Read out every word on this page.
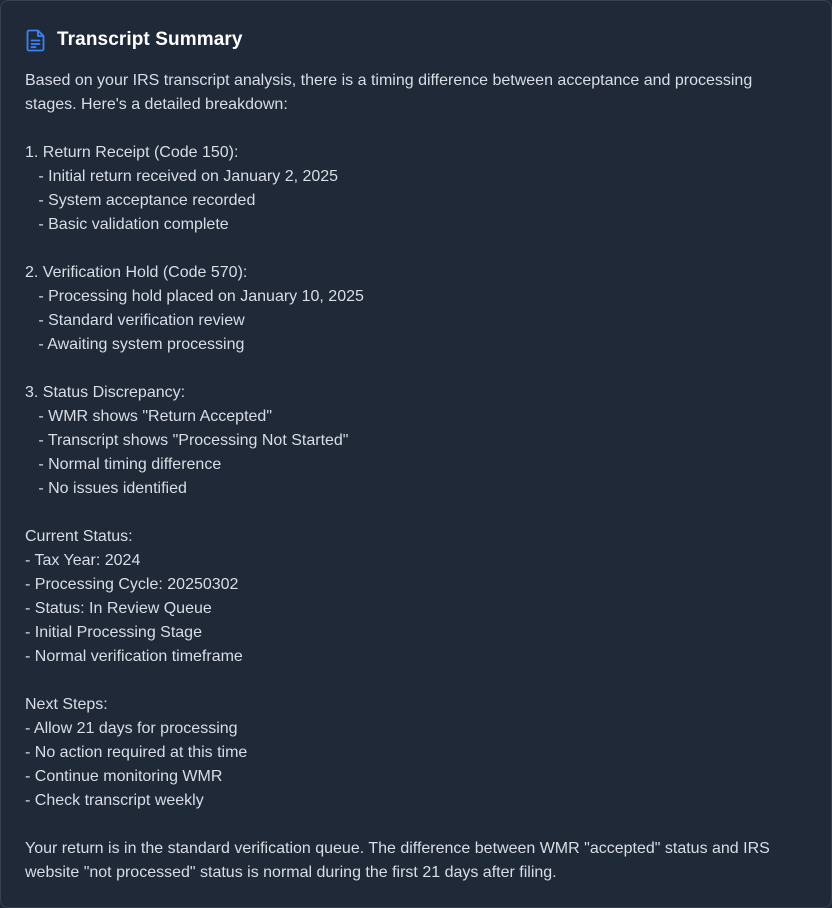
Transcript Summary

Based on your IRS transcript analysis, there is a timing difference between acceptance and processing
stages. Here's a detailed breakdown:

1. Return Receipt (Code 150):
- Initial return received on January 2, 2025
- System acceptance recorded
- Basic validation complete

2. Verification Hold (Code 570):
- Processing hold placed on January 10, 2025
- Standard verification review
- Awaiting system processing

3. Status Discrepancy:
- WMR shows "Return Accepted"
- Transcript shows "Processing Not Started"
- Normal timing difference
- No issues identified

Current Status:
- Tax Year: 2024
- Processing Cycle: 20250302
- Status: In Review Queue
- Initial Processing Stage
- Normal verification timeframe

Next Steps:
- Allow 21 days for processing
- No action required at this time
- Continue monitoring WMR
- Check transcript weekly

Your return is in the standard verification queue. The difference between WMR "accepted" status and IRS
website "not processed" status is normal during the first 21 days after filing.
